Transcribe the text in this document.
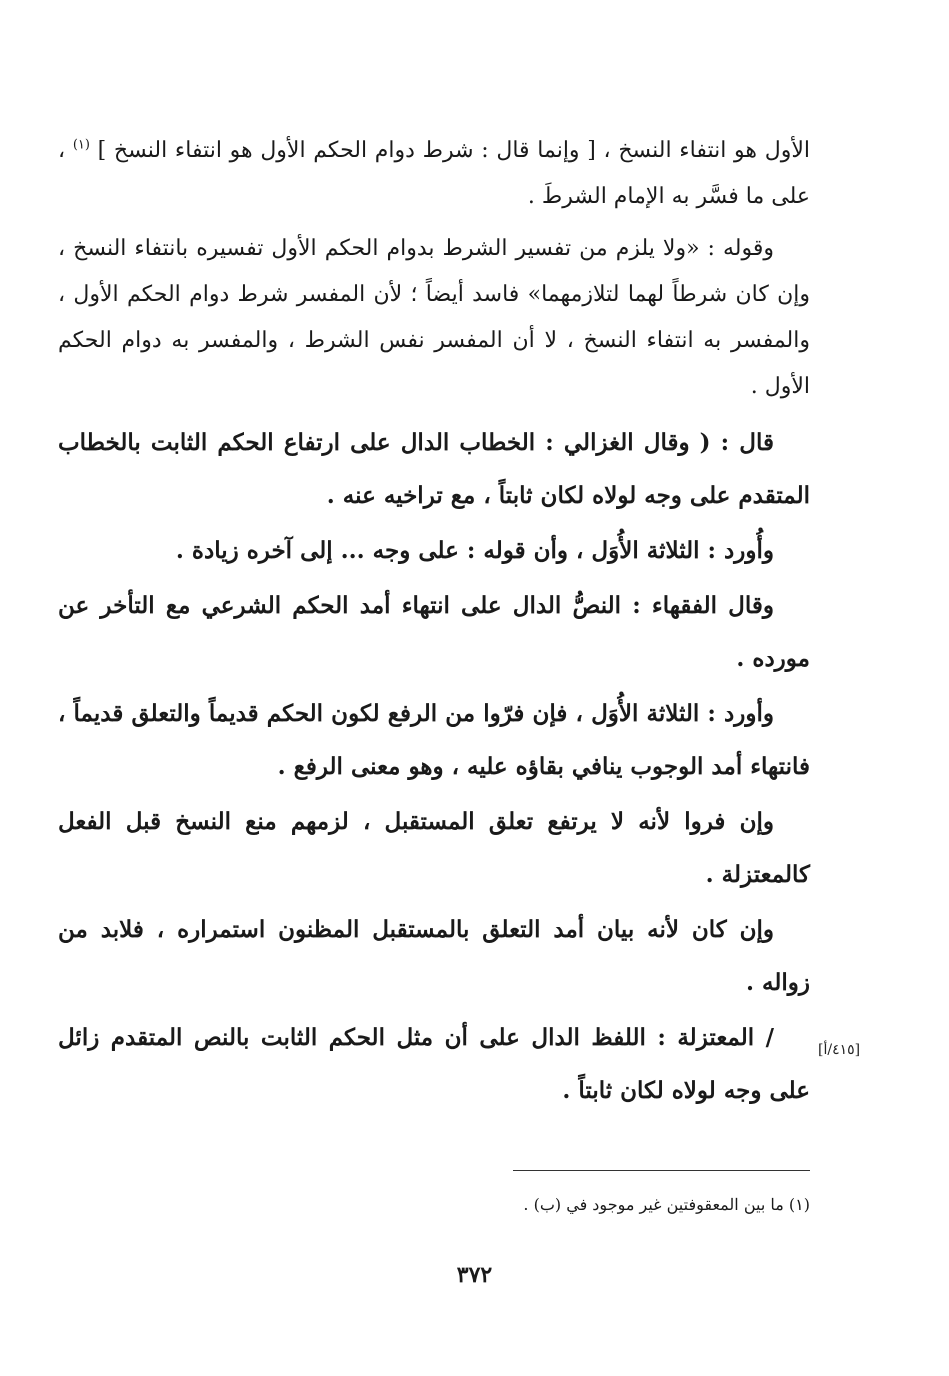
الأول هو انتفاء النسخ ، [ وإنما قال : شرط دوام الحكم الأول هو انتفاء النسخ ] $^{(١)}$ ، على ما فسَّر به الإمام الشرطَ .

وقوله : «ولا يلزم من تفسير الشرط بدوام الحكم الأول تفسيره بانتفاء النسخ ، وإن كان شرطاً لهما لتلازمهما» فاسد أيضاً ؛ لأن المفسر شرط دوام الحكم الأول ، والمفسر به انتفاء النسخ ، لا أن المفسر نفس الشرط ، والمفسر به دوام الحكم الأول .

قال : ( وقال الغزالي : الخطاب الدال على ارتفاع الحكم الثابت بالخطاب المتقدم على وجه لولاه لكان ثابتاً ، مع تراخيه عنه .

وأُورد : الثلاثة الأُوَل ، وأن قوله : على وجه ... إلى آخره زيادة .

وقال الفقهاء : النصُّ الدال على انتهاء أمد الحكم الشرعي مع التأخر عن مورده .

وأورد : الثلاثة الأُوَل ، فإن فرّوا من الرفع لكون الحكم قديماً والتعلق قديماً ، فانتهاء أمد الوجوب ينافي بقاؤه عليه ، وهو معنى الرفع .

وإن فروا لأنه لا يرتفع تعلق المستقبل ، لزمهم منع النسخ قبل الفعل كالمعتزلة .

وإن كان لأنه بيان أمد التعلق بالمستقبل المظنون استمراره ، فلابد من زواله .

/ المعتزلة : اللفظ الدال على أن مثل الحكم الثابت بالنص المتقدم زائل على وجه لولاه لكان ثابتاً .

[٤١٥/أ]
(١) ما بين المعقوفتين غير موجود في (ب) .
٣٧٢
